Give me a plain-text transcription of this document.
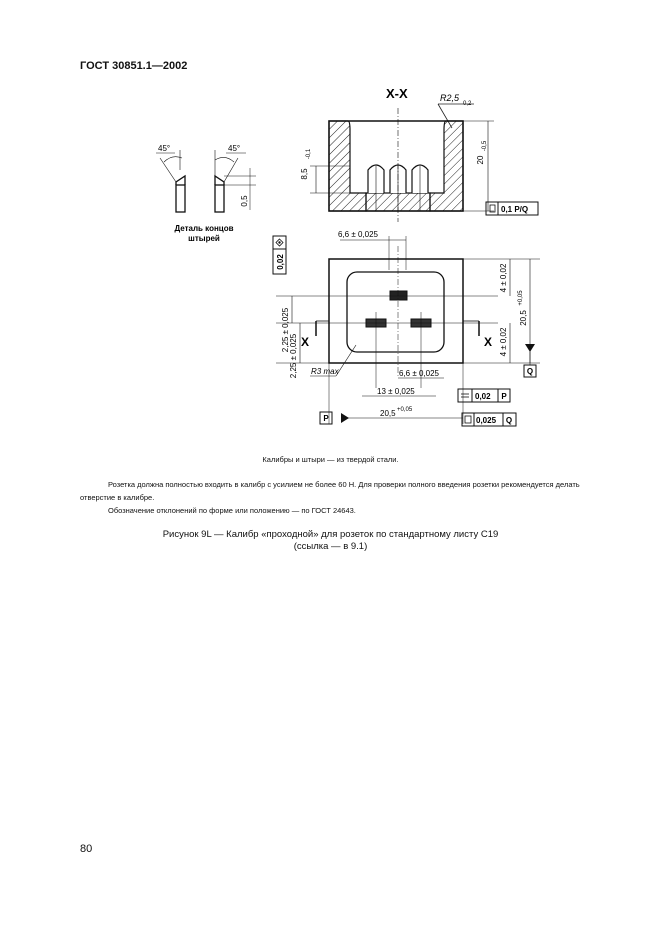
ГОСТ 30851.1—2002
X-X	R2,5
0,2
8,5
-0,1
20
-0,5
0,1 P/Q
45°	45°
0,5
Деталь концов
штырей	6,6 ± 0,025
0,02
4 ± 0,02
20,5
+0,05
4 ± 0,02
Q
2,25 ± 0,025
2,25 ± 0,025 X	X
R3 max	6,6 ± 0,025
13 ± 0,025
0,02 P
P
20,5 +0,05
0,025 Q
Калибры и штыри — из твердой стали.
Розетка должна полностью входить в калибр с усилием не более 60 Н. Для проверки полного введения розетки рекомендуется делать отверстие в калибре.
Обозначение отклонений по форме или положению — по ГОСТ 24643.
Рисунок 9L — Калибр «проходной» для розеток по стандартному листу С19
(ссылка — в 9.1)
80
